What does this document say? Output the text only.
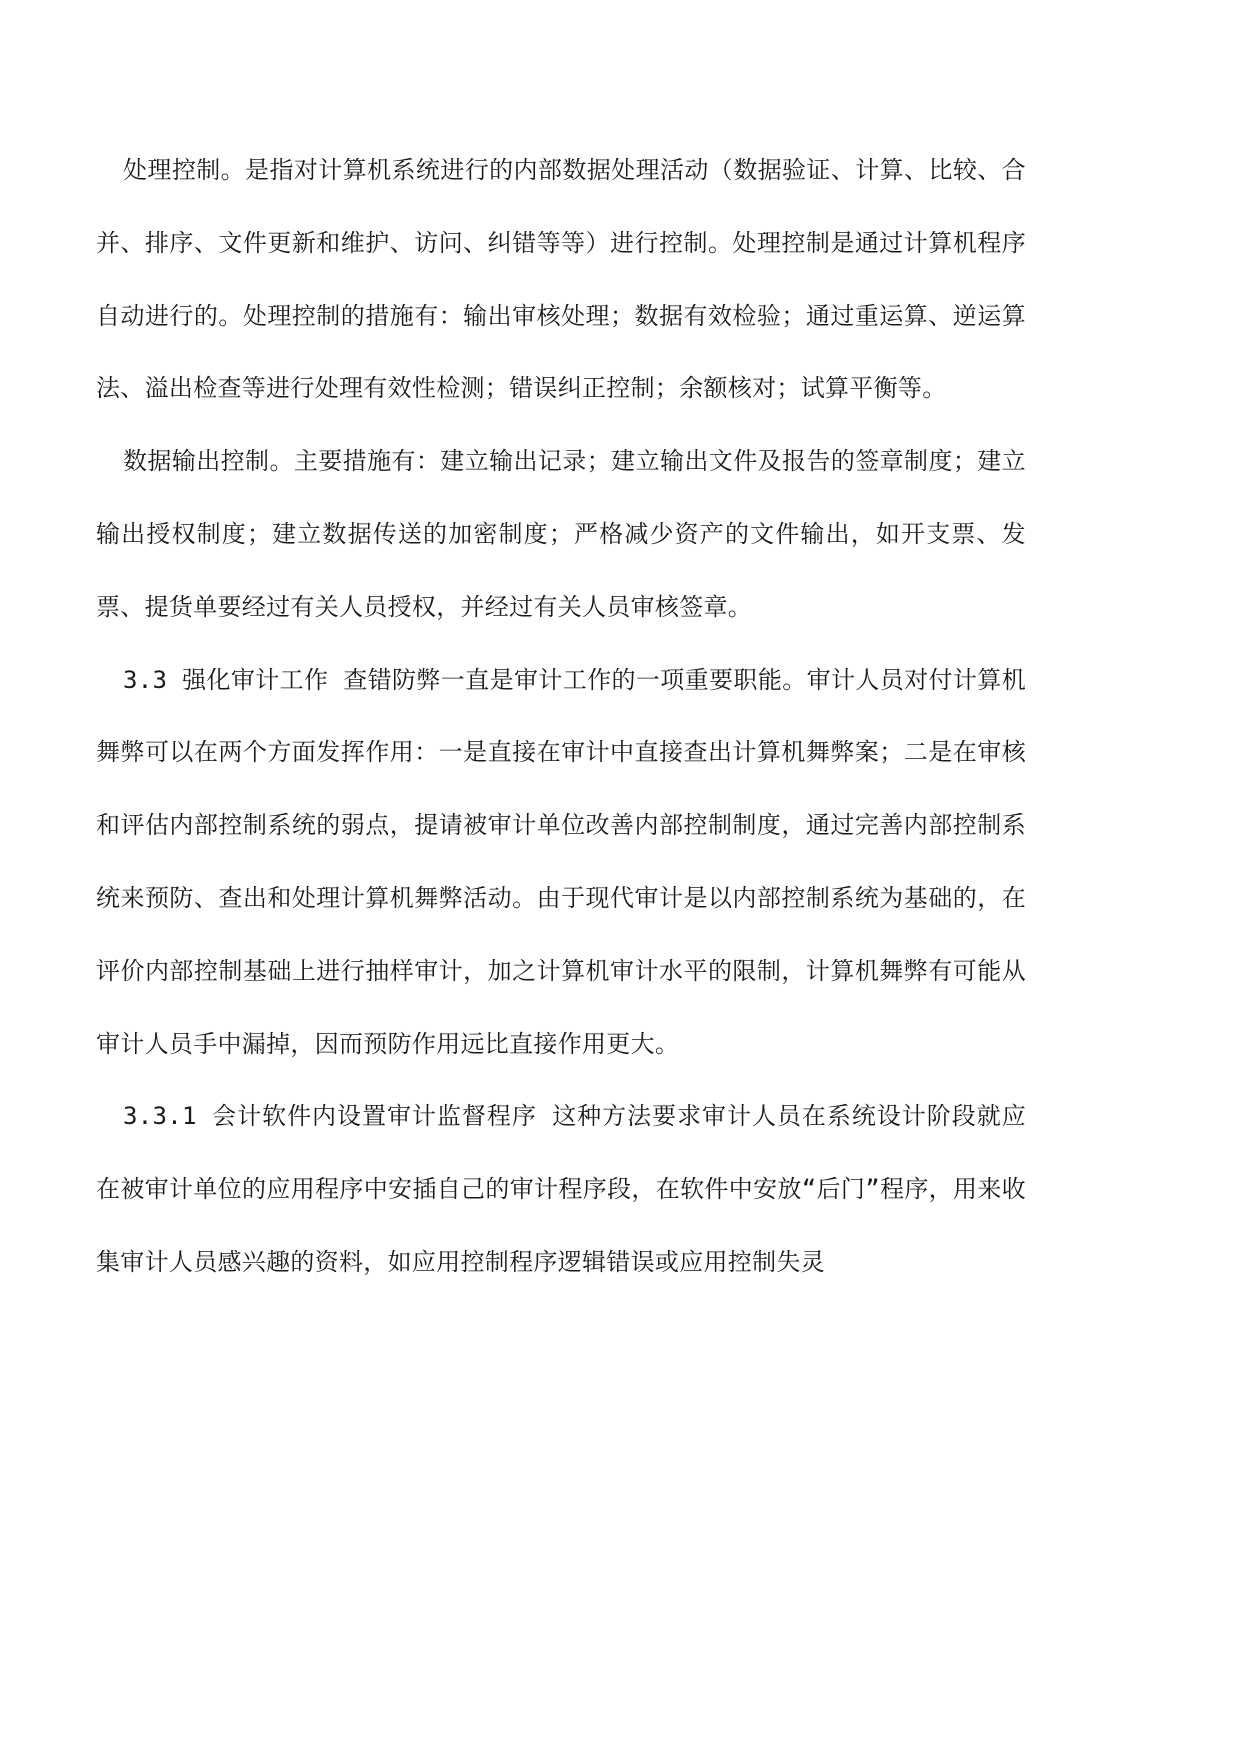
处理控制。是指对计算机系统进行的内部数据处理活动（数据验证、计算、比较、合并、排序、文件更新和维护、访问、纠错等等）进行控制。处理控制是通过计算机程序自动进行的。处理控制的措施有：输出审核处理；数据有效检验；通过重运算、逆运算法、溢出检查等进行处理有效性检测；错误纠正控制；余额核对；试算平衡等。

数据输出控制。主要措施有：建立输出记录；建立输出文件及报告的签章制度；建立输出授权制度；建立数据传送的加密制度；严格减少资产的文件输出，如开支票、发票、提货单要经过有关人员授权，并经过有关人员审核签章。

3.3 强化审计工作 查错防弊一直是审计工作的一项重要职能。审计人员对付计算机舞弊可以在两个方面发挥作用：一是直接在审计中直接查出计算机舞弊案；二是在审核和评估内部控制系统的弱点，提请被审计单位改善内部控制制度，通过完善内部控制系统来预防、查出和处理计算机舞弊活动。由于现代审计是以内部控制系统为基础的，在评价内部控制基础上进行抽样审计，加之计算机审计水平的限制，计算机舞弊有可能从审计人员手中漏掉，因而预防作用远比直接作用更大。

3.3.1 会计软件内设置审计监督程序 这种方法要求审计人员在系统设计阶段就应在被审计单位的应用程序中安插自己的审计程序段，在软件中安放“后门”程序，用来收集审计人员感兴趣的资料，如应用控制程序逻辑错误或应用控制失灵
